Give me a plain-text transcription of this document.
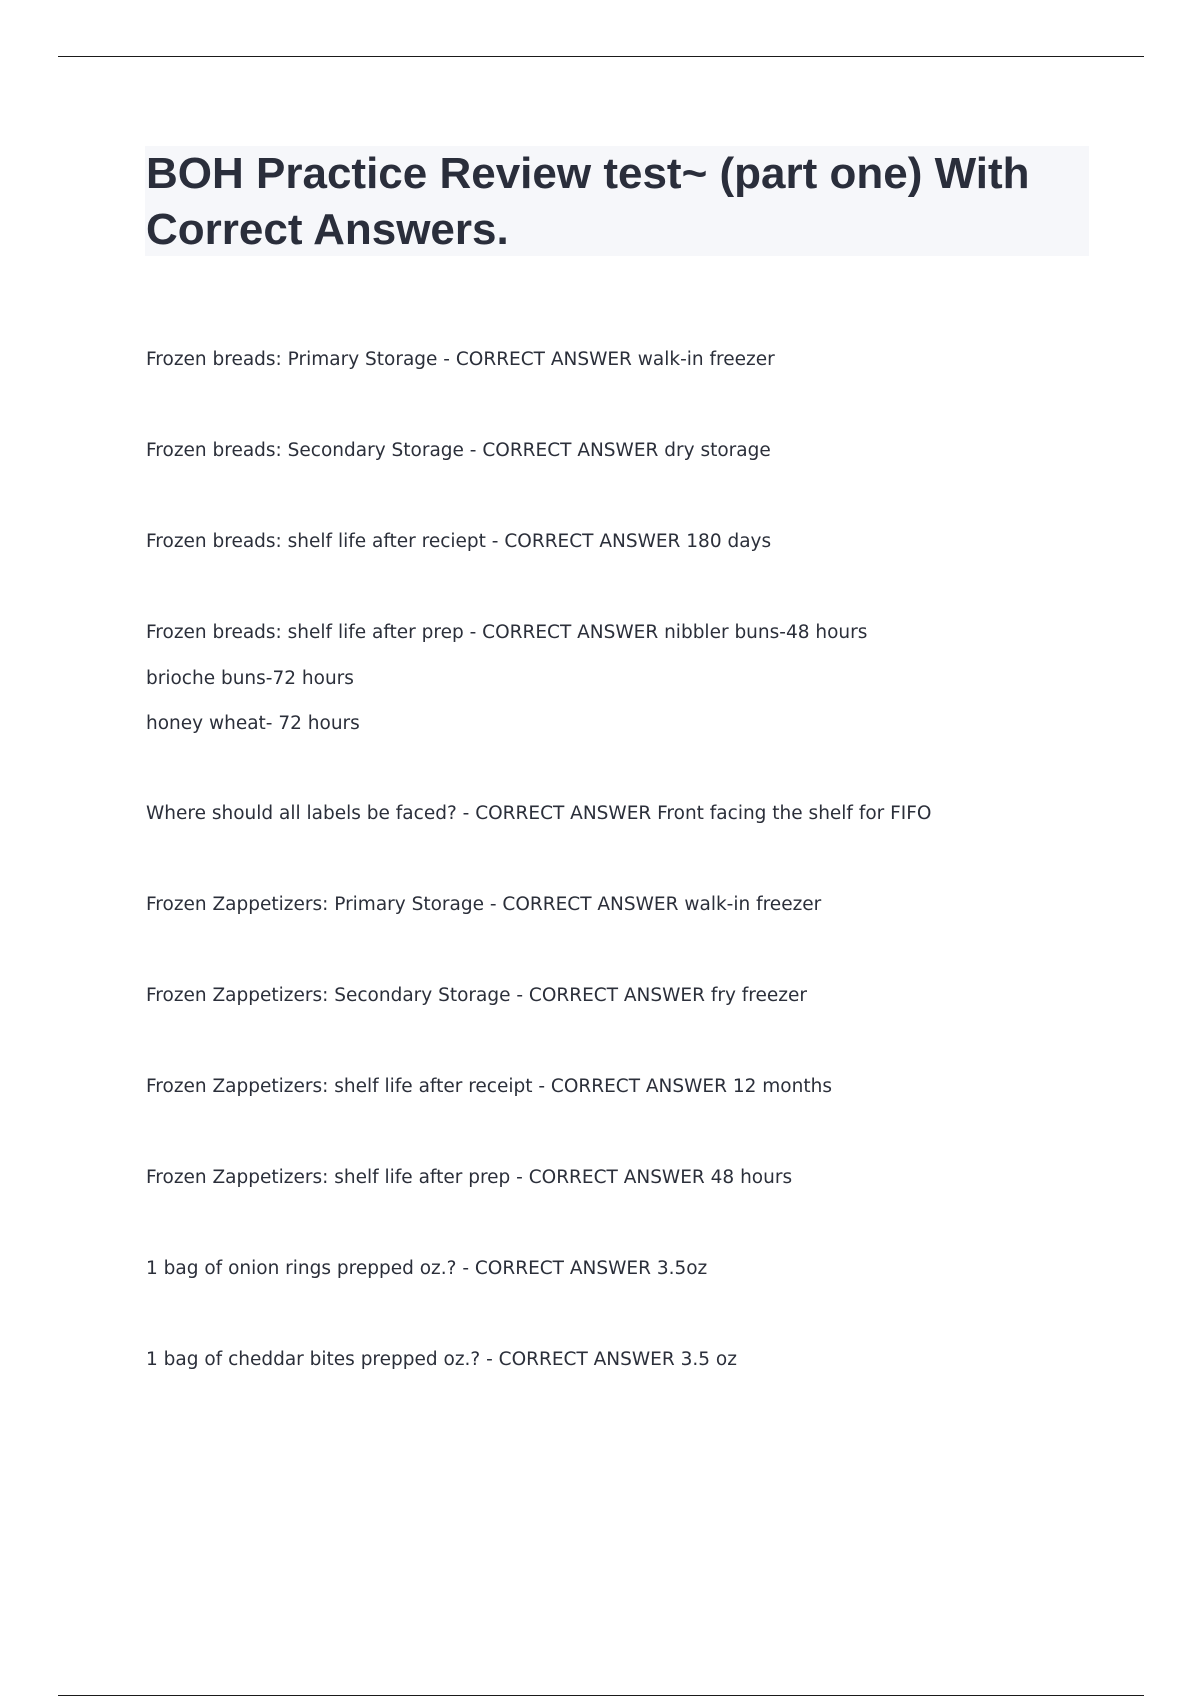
BOH Practice Review test~ (part one) With Correct Answers.

Frozen breads: Primary Storage - CORRECT ANSWER walk-in freezer

Frozen breads: Secondary Storage - CORRECT ANSWER dry storage

Frozen breads: shelf life after reciept - CORRECT ANSWER 180 days

Frozen breads: shelf life after prep - CORRECT ANSWER nibbler buns-48 hours

brioche buns-72 hours

honey wheat- 72 hours

Where should all labels be faced? - CORRECT ANSWER Front facing the shelf for FIFO

Frozen Zappetizers: Primary Storage - CORRECT ANSWER walk-in freezer

Frozen Zappetizers: Secondary Storage - CORRECT ANSWER fry freezer

Frozen Zappetizers: shelf life after receipt - CORRECT ANSWER 12 months

Frozen Zappetizers: shelf life after prep - CORRECT ANSWER 48 hours

1 bag of onion rings prepped oz.? - CORRECT ANSWER 3.5oz

1 bag of cheddar bites prepped oz.? - CORRECT ANSWER 3.5 oz
